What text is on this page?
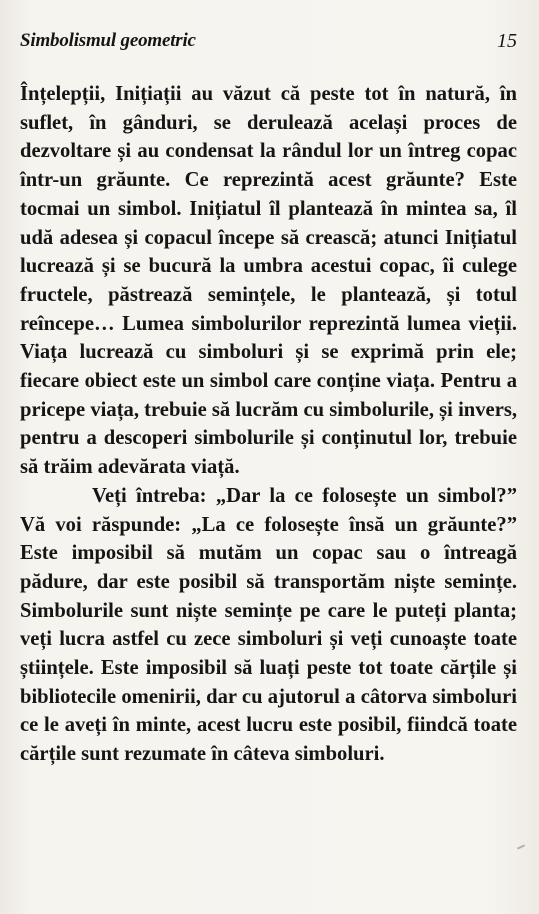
Simbolismul geometric	15

Înțelepții, Inițiații au văzut că peste tot în natură, în suflet, în gânduri, se derulează același proces de dezvoltare și au condensat la rândul lor un întreg copac într-un grăunte. Ce reprezintă acest grăunte? Este tocmai un simbol. Inițiatul îl plantează în mintea sa, îl udă adesea și copacul începe să crească; atunci Inițiatul lucrează și se bucură la umbra acestui copac, îi culege fructele, păstrează semințele, le plantează, și totul reîncepe… Lumea simbolurilor reprezintă lumea vieții. Viața lucrează cu simboluri și se exprimă prin ele; fiecare obiect este un simbol care conține viața. Pentru a pricepe viața, trebuie să lucrăm cu simbolurile, și invers, pentru a descoperi simbolurile și conținutul lor, trebuie să trăim adevărata viață.

Veți întreba: „Dar la ce folosește un simbol?” Vă voi răspunde: „La ce folosește însă un grăunte?” Este imposibil să mutăm un copac sau o întreagă pădure, dar este posibil să transportăm niște semințe. Simbolurile sunt niște semințe pe care le puteți planta; veți lucra astfel cu zece simboluri și veți cunoaște toate științele. Este imposibil să luați peste tot toate cărțile și bibliotecile omenirii, dar cu ajutorul a câtorva simboluri ce le aveți în minte, acest lucru este posibil, fiindcă toate cărțile sunt rezumate în câteva simboluri.
